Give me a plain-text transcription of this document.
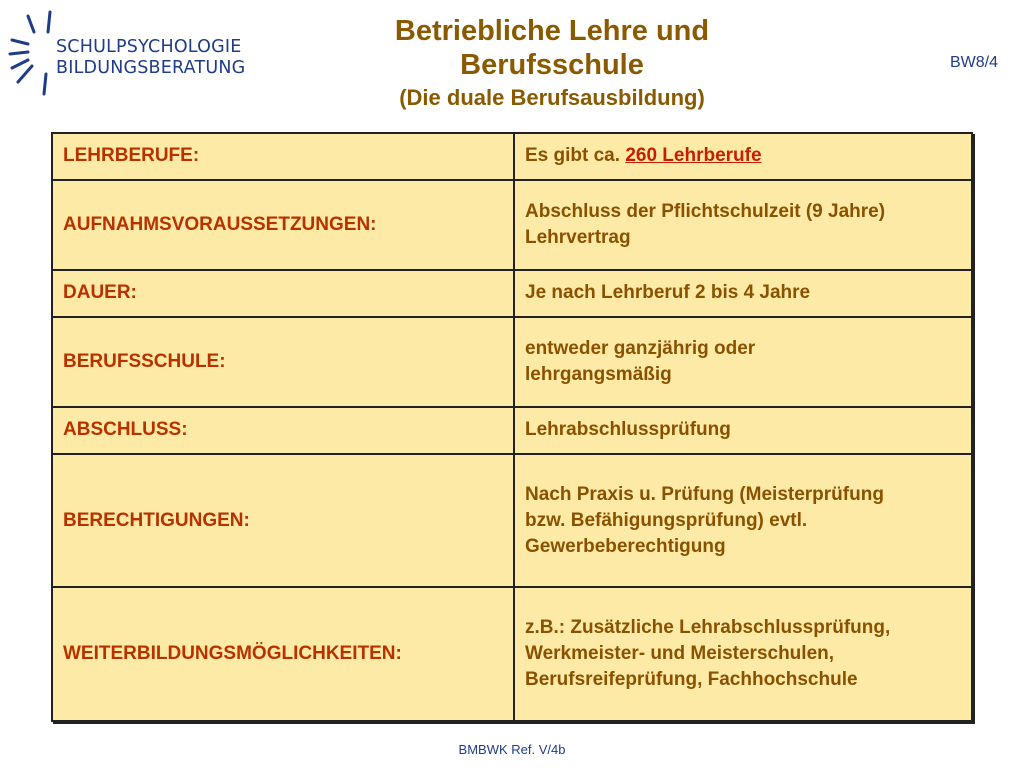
SCHULPSYCHOLOGIE
BILDUNGSBERATUNG
Betriebliche Lehre und
Berufsschule
(Die duale Berufsausbildung)
BW8/4
LEHRBERUFE:	Es gibt ca. 260 Lehrberufe
AUFNAHMSVORAUSSETZUNGEN:	Abschluss der Pflichtschulzeit (9 Jahre)
Lehrvertrag

DAUER:	Je nach Lehrberuf 2 bis 4 Jahre

BERUFSSCHULE:	entweder ganzjährig oder
lehrgangsmäßig

ABSCHLUSS:	Lehrabschlussprüfung

BERECHTIGUNGEN:	Nach Praxis u. Prüfung (Meisterprüfung
bzw. Befähigungsprüfung) evtl.
Gewerbeberechtigung

WEITERBILDUNGSMÖGLICHKEITEN:	z.B.: Zusätzliche Lehrabschlussprüfung,
Werkmeister- und Meisterschulen,
Berufsreifeprüfung, Fachhochschule
BMBWK Ref. V/4b
